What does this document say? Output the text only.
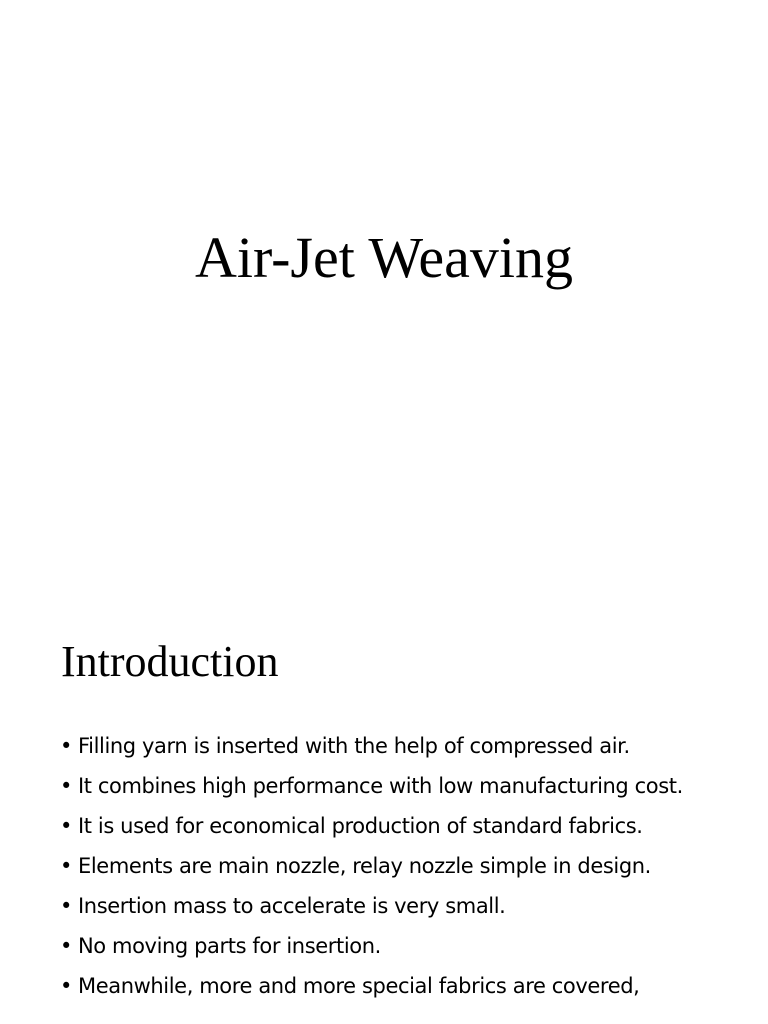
Air-Jet Weaving
Introduction
• Filling yarn is inserted with the help of compressed air.
• It combines high performance with low manufacturing cost.
• It is used for economical production of standard fabrics.
• Elements are main nozzle, relay nozzle simple in design.
• Insertion mass to accelerate is very small.
• No moving parts for insertion.
• Meanwhile, more and more special fabrics are covered,
